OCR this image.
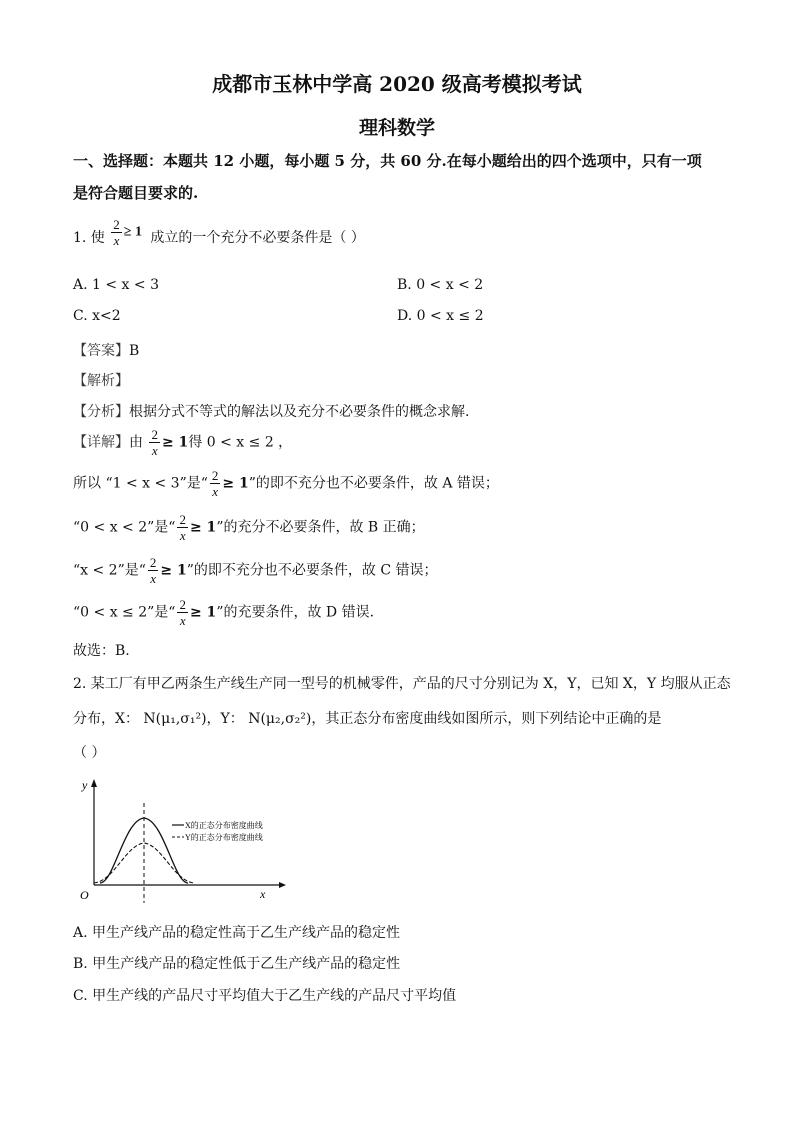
成都市玉林中学高 2020 级高考模拟考试
理科数学
一、选择题：本题共 12 小题，每小题 5 分，共 60 分.在每小题给出的四个选项中，只有一项
是符合题目要求的.
1. 使 $\frac{2}{x} \ge 1$ 成立的一个充分不必要条件是（ ）
A. 1 < x < 3	B. 0 < x < 2
C. x<2	D. 0 < x ≤ 2
【答案】B
【解析】
【分析】根据分式不等式的解法以及充分不必要条件的概念求解.
【详解】由 $\frac{2}{x} \ge 1$得 0 < x ≤ 2 ，
所以 “1 < x < 3”是“ $\frac{2}{x} \ge 1$”的即不充分也不必要条件，故 A 错误；
“0 < x < 2”是“ $\frac{2}{x} \ge 1$”的充分不必要条件，故 B 正确；
“x < 2”是“ $\frac{2}{x} \ge 1$”的即不充分也不必要条件，故 C 错误；
“0 < x ≤ 2”是“ $\frac{2}{x} \ge 1$”的充要条件，故 D 错误.
故选：B.
2. 某工厂有甲乙两条生产线生产同一型号的机械零件，产品的尺寸分别记为 X，Y，已知 X，Y 均服从正态
分布，X： N(μ₁,σ₁²)，Y： N(μ₂,σ₂²)，其正态分布密度曲线如图所示，则下列结论中正确的是
（ ）
y
x
O
X的正态分布密度曲线
Y的正态分布密度曲线
A. 甲生产线产品的稳定性高于乙生产线产品的稳定性
B. 甲生产线产品的稳定性低于乙生产线产品的稳定性
C. 甲生产线的产品尺寸平均值大于乙生产线的产品尺寸平均值
